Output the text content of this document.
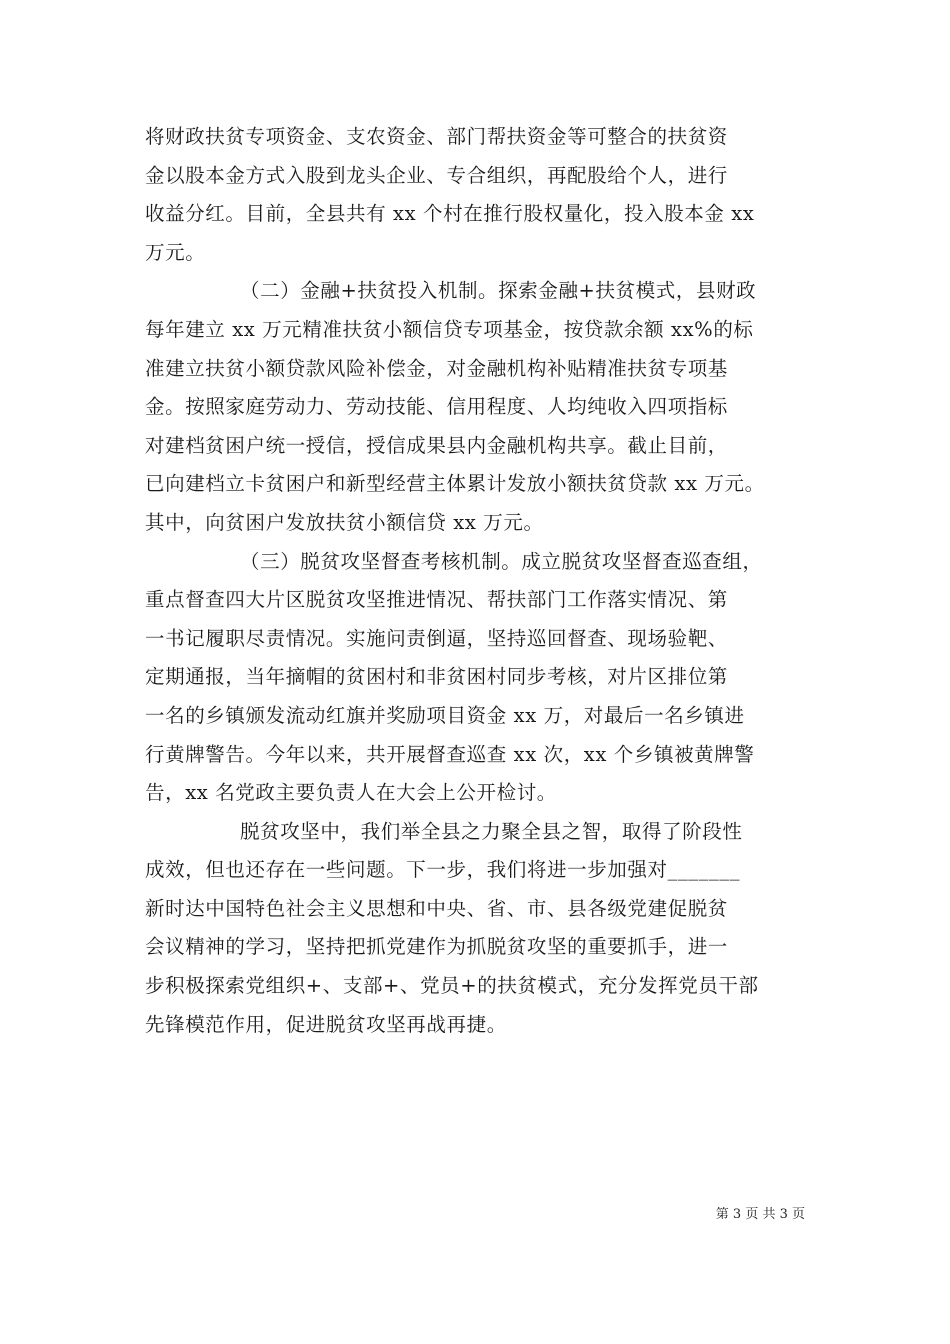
将财政扶贫专项资金、支农资金、部门帮扶资金等可整合的扶贫资
金以股本金方式入股到龙头企业、专合组织，再配股给个人，进行
收益分红。目前，全县共有 xx 个村在推行股权量化，投入股本金 xx
万元。

（二）金融+扶贫投入机制。探索金融+扶贫模式，县财政
每年建立 xx 万元精准扶贫小额信贷专项基金，按贷款余额 xx%的标
准建立扶贫小额贷款风险补偿金，对金融机构补贴精准扶贫专项基
金。按照家庭劳动力、劳动技能、信用程度、人均纯收入四项指标
对建档贫困户统一授信，授信成果县内金融机构共享。截止目前，
已向建档立卡贫困户和新型经营主体累计发放小额扶贫贷款 xx 万元。
其中，向贫困户发放扶贫小额信贷 xx 万元。

（三）脱贫攻坚督查考核机制。成立脱贫攻坚督查巡查组，
重点督查四大片区脱贫攻坚推进情况、帮扶部门工作落实情况、第
一书记履职尽责情况。实施问责倒逼，坚持巡回督查、现场验靶、
定期通报，当年摘帽的贫困村和非贫困村同步考核，对片区排位第
一名的乡镇颁发流动红旗并奖励项目资金 xx 万，对最后一名乡镇进
行黄牌警告。今年以来，共开展督查巡查 xx 次，xx 个乡镇被黄牌警
告，xx 名党政主要负责人在大会上公开检讨。

脱贫攻坚中，我们举全县之力聚全县之智，取得了阶段性
成效，但也还存在一些问题。下一步，我们将进一步加强对_______
新时达中国特色社会主义思想和中央、省、市、县各级党建促脱贫
会议精神的学习，坚持把抓党建作为抓脱贫攻坚的重要抓手，进一
步积极探索党组织+、支部+、党员+的扶贫模式，充分发挥党员干部
先锋模范作用，促进脱贫攻坚再战再捷。

第 3 页 共 3 页
